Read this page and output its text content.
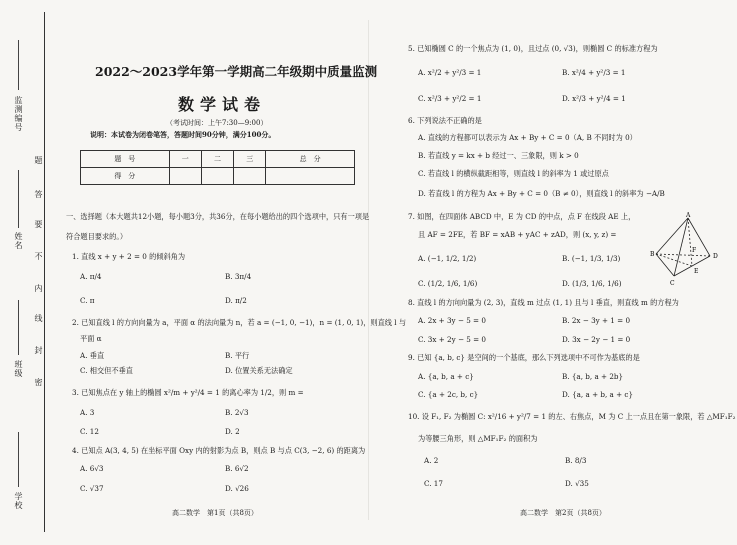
监测编号
姓名
班级
学校
题
答
要
不
内
线
封
密
2022～2023学年第一学期高二年级期中质量监测
数学试卷
（考试时间：上午7:30—9:00）
说明：本试卷为闭卷笔答，答题时间90分钟，满分100分。
题　号	一	二	三	总　分
得　分				
一、选择题（本大题共12小题，每小题3分，共36分，在每小题给出的四个选项中，只有一项是
符合题目要求的。）
1. 直线 x + y + 2 = 0 的倾斜角为
A. π/4	B. 3π/4
C. π	D. π/2
2. 已知直线 l 的方向向量为 a，平面 α 的法向量为 n，若 a = (−1, 0, −1)，n = (1, 0, 1)，则直线 l 与
平面 α
A. 垂直	B. 平行
C. 相交但不垂直	D. 位置关系无法确定
3. 已知焦点在 y 轴上的椭圆 x²/m + y²/4 = 1 的离心率为 1/2，则 m =
A. 3	B. 2√3
C. 12	D. 2
4. 已知点 A(3, 4, 5) 在坐标平面 Oxy 内的射影为点 B，则点 B 与点 C(3, −2, 6) 的距离为
A. 6√3	B. 6√2
C. √37	D. √26
高二数学　第1页（共8页）
5. 已知椭圆 C 的一个焦点为 (1, 0)，且过点 (0, √3)，则椭圆 C 的标准方程为
A. x²/2 + y²/3 = 1	B. x²/4 + y²/3 = 1
C. x²/3 + y²/2 = 1	D. x²/3 + y²/4 = 1
6. 下列说法不正确的是
A. 直线的方程都可以表示为 Ax + By + C = 0（A, B 不同时为 0）
B. 若直线 y = kx + b 经过一、三象限，则 k > 0
C. 若直线 l 的横纵截距相等，则直线 l 的斜率为 1 或过原点
D. 若直线 l 的方程为 Ax + By + C = 0（B ≠ 0），则直线 l 的斜率为 −A/B
7. 如图，在四面体 ABCD 中，E 为 CD 的中点，点 F 在线段 AE 上，
且 AF = 2FE，若 BF = xAB + yAC + zAD，则 (x, y, z) =
A. (−1, 1/2, 1/2)	B. (−1, 1/3, 1/3)
C. (1/2, 1/6, 1/6)	D. (1/3, 1/6, 1/6)
A
B
C
D
E
F
8. 直线 l 的方向向量为 (2, 3)，直线 m 过点 (1, 1) 且与 l 垂直，则直线 m 的方程为
A. 2x + 3y − 5 = 0	B. 2x − 3y + 1 = 0
C. 3x + 2y − 5 = 0	D. 3x − 2y − 1 = 0
9. 已知 {a, b, c} 是空间的一个基底，那么下列选项中不可作为基底的是
A. {a, b, a + c}	B. {a, b, a + 2b}
C. {a + 2c, b, c}	D. {a, a + b, a + c}
10. 设 F₁, F₂ 为椭圆 C: x²/16 + y²/7 = 1 的左、右焦点，M 为 C 上一点且在第一象限，若 △MF₁F₂
为等腰三角形，则 △MF₁F₂ 的面积为
A. 2	B. 8/3
C. 17	D. √35
高二数学　第2页（共8页）
